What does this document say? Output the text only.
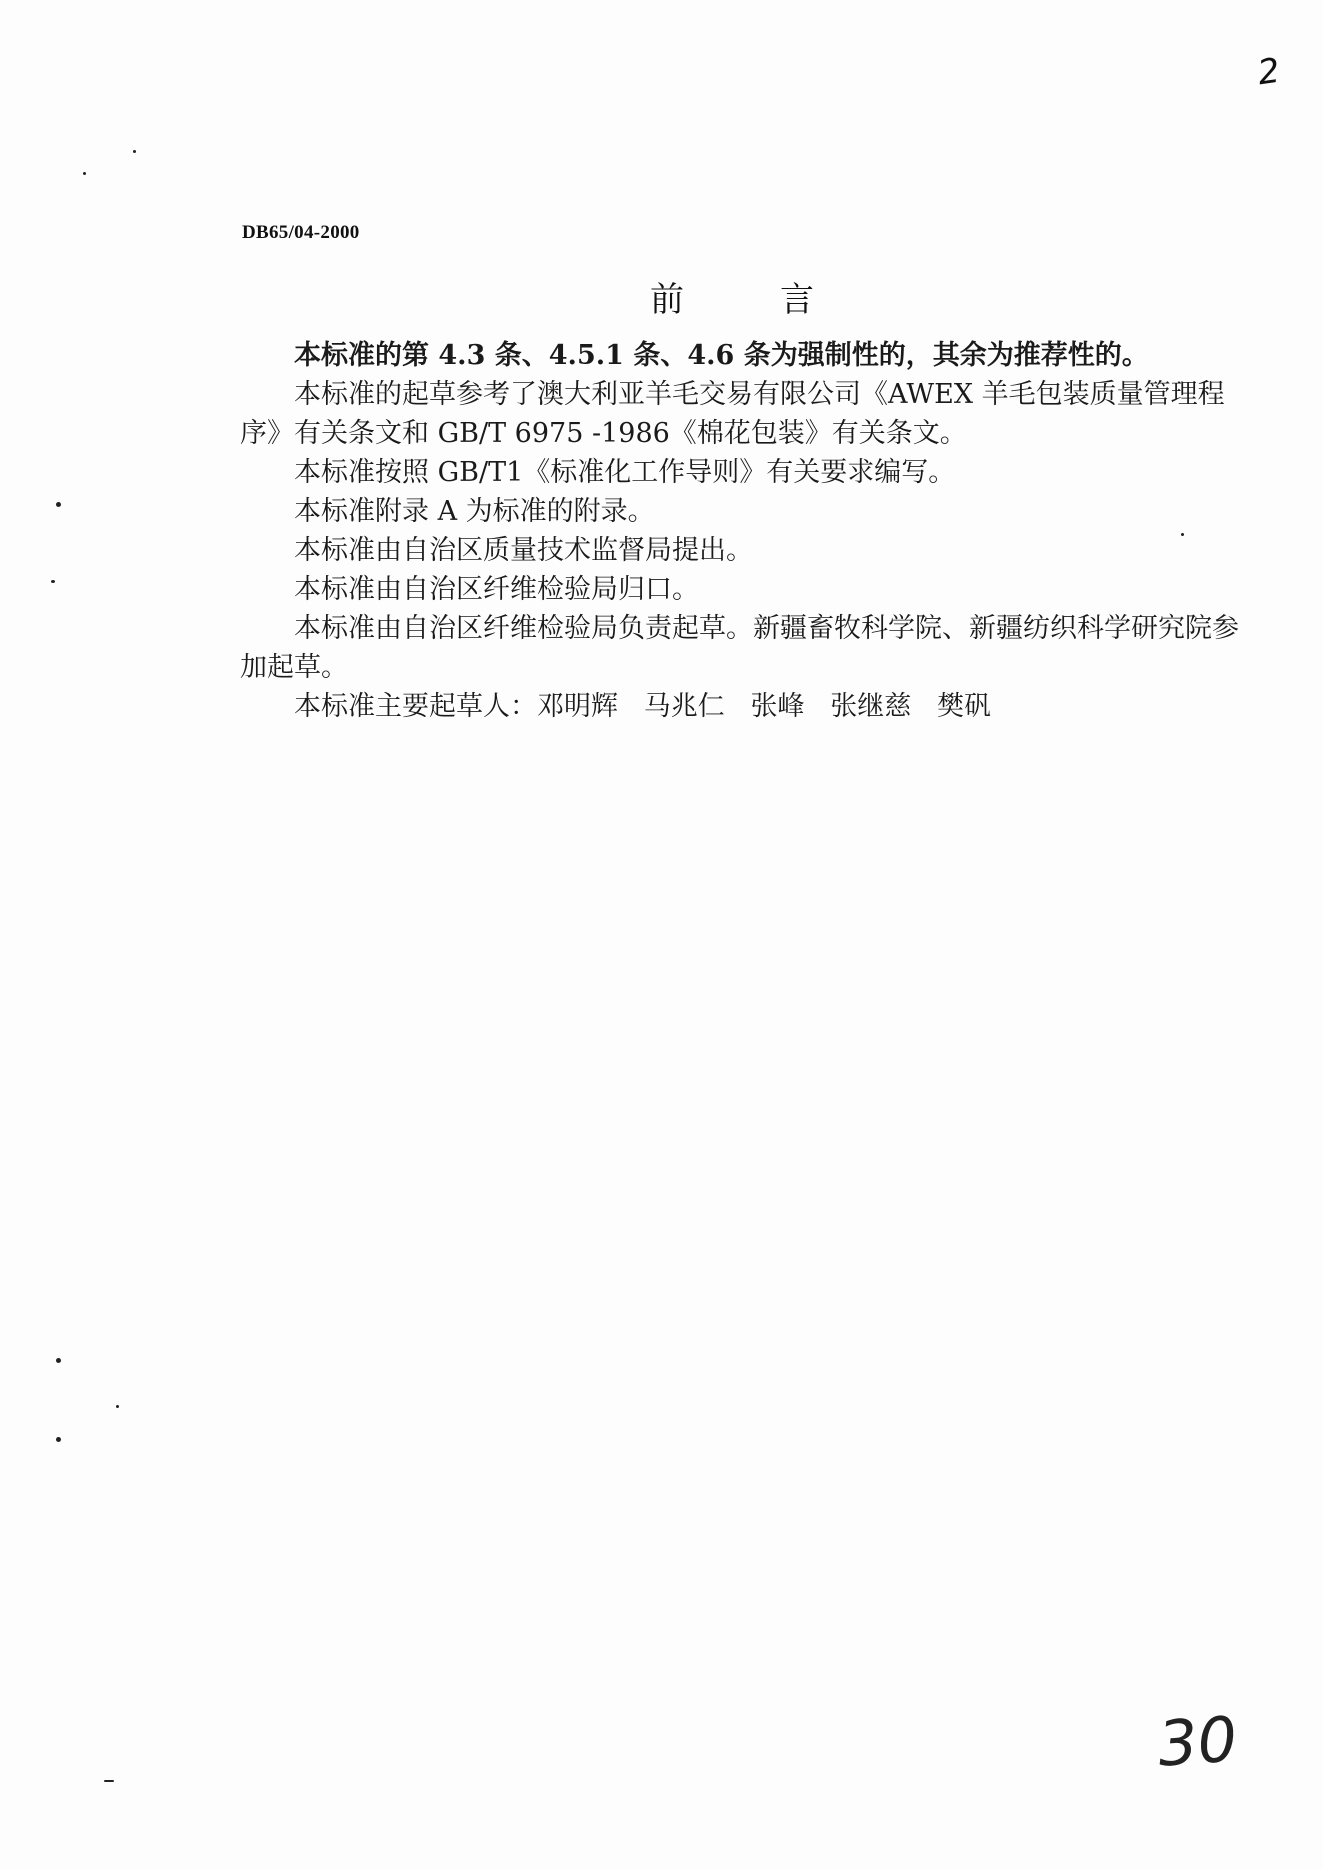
2
DB65/04-2000
前言

本标准的第 4.3 条、4.5.1 条、4.6 条为强制性的，其余为推荐性的。

本标准的起草参考了澳大利亚羊毛交易有限公司《AWEX 羊毛包装质量管理程序》有关条文和 GB/T 6975 -1986《棉花包装》有关条文。

本标准按照 GB/T1《标准化工作导则》有关要求编写。

本标准附录 A 为标准的附录。

本标准由自治区质量技术监督局提出。

本标准由自治区纤维检验局归口。

本标准由自治区纤维检验局负责起草。新疆畜牧科学院、新疆纺织科学研究院参加起草。

本标准主要起草人：邓明辉   马兆仁   张峰   张继慈   樊矾

30
